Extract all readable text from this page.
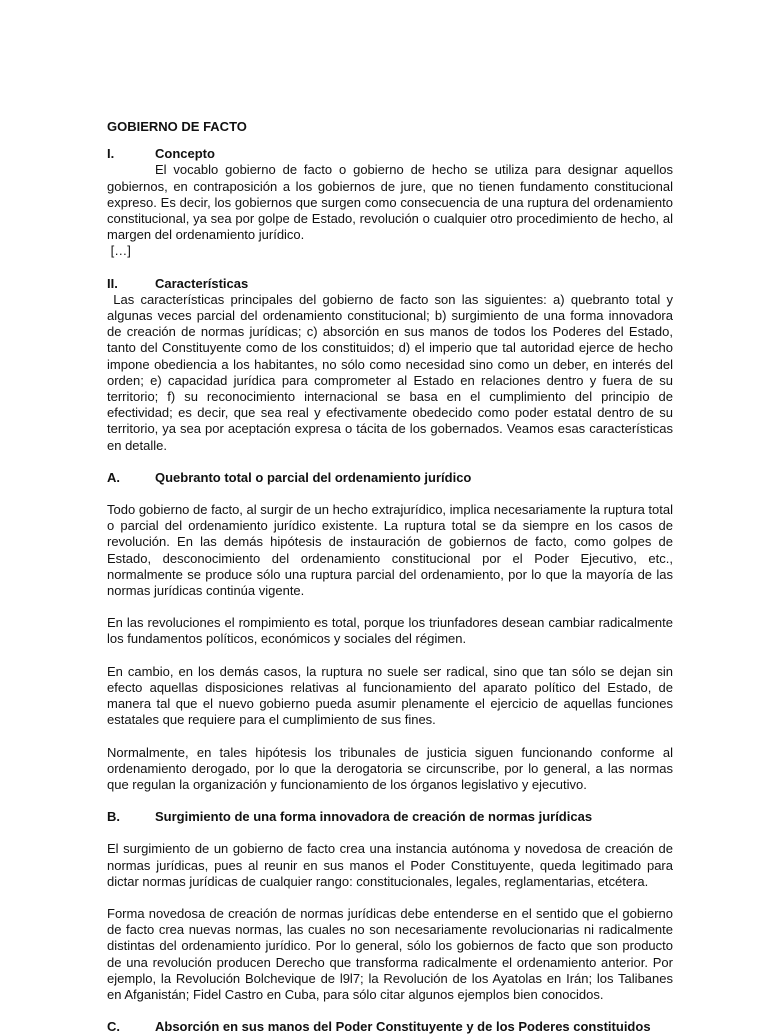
GOBIERNO DE FACTO
I.	Concepto

El vocablo gobierno de facto o gobierno de hecho se utiliza para designar aquellos gobiernos, en contraposición a los gobiernos de jure, que no tienen fundamento constitucional expreso. Es decir, los gobiernos que surgen como consecuencia de una ruptura del ordenamiento constitucional, ya sea por golpe de Estado, revolución o cualquier otro procedimiento de hecho, al margen del ordenamiento jurídico.

[…]

II.	Características

Las características principales del gobierno de facto son las siguientes: a) quebranto total y algunas veces parcial del ordenamiento constitucional; b) surgimiento de una forma innovadora de creación de normas jurídicas; c) absorción en sus manos de todos los Poderes del Estado, tanto del Constituyente como de los constituidos; d) el imperio que tal autoridad ejerce de hecho impone obediencia a los habitantes, no sólo como necesidad sino como un deber, en interés del orden; e) capacidad jurídica para comprometer al Estado en relaciones dentro y fuera de su territorio; f) su reconocimiento internacional se basa en el cumplimiento del principio de efectividad; es decir, que sea real y efectivamente obedecido como poder estatal dentro de su territorio, ya sea por aceptación expresa o tácita de los gobernados. Veamos esas características en detalle.

A.	Quebranto total o parcial del ordenamiento jurídico

Todo gobierno de facto, al surgir de un hecho extrajurídico, implica necesariamente la ruptura total o parcial del ordenamiento jurídico existente. La ruptura total se da siempre en los casos de revolución. En las demás hipótesis de instauración de gobiernos de facto, como golpes de Estado, desconocimiento del ordenamiento constitucional por el Poder Ejecutivo, etc., normalmente se produce sólo una ruptura parcial del ordenamiento, por lo que la mayoría de las normas jurídicas continúa vigente.

En las revoluciones el rompimiento es total, porque los triunfadores desean cambiar radicalmente los fundamentos políticos, económicos y sociales del régimen.

En cambio, en los demás casos, la ruptura no suele ser radical, sino que tan sólo se dejan sin efecto aquellas disposiciones relativas al funcionamiento del aparato político del Estado, de manera tal que el nuevo gobierno pueda asumir plenamente el ejercicio de aquellas funciones estatales que requiere para el cumplimiento de sus fines.

Normalmente, en tales hipótesis los tribunales de justicia siguen funcionando conforme al ordenamiento derogado, por lo que la derogatoria se circunscribe, por lo general, a las normas que regulan la organización y funcionamiento de los órganos legislativo y ejecutivo.

B.	Surgimiento de una forma innovadora de creación de normas jurídicas

El surgimiento de un gobierno de facto crea una instancia autónoma y novedosa de creación de normas jurídicas, pues al reunir en sus manos el Poder Constituyente, queda legitimado para dictar normas jurídicas de cualquier rango: constitucionales, legales, reglamentarias, etcétera.

Forma novedosa de creación de normas jurídicas debe entenderse en el sentido que el gobierno de facto crea nuevas normas, las cuales no son necesariamente revolucionarias ni radicalmente distintas del ordenamiento jurídico. Por lo general, sólo los gobiernos de facto que son producto de una revolución producen Derecho que transforma radicalmente el ordenamiento anterior. Por ejemplo, la Revolución Bolchevique de l9l7; la Revolución de los Ayatolas en Irán; los Talibanes en Afganistán; Fidel Castro en Cuba, para sólo citar algunos ejemplos bien conocidos.

C.	Absorción en sus manos del Poder Constituyente y de los Poderes constituidos
